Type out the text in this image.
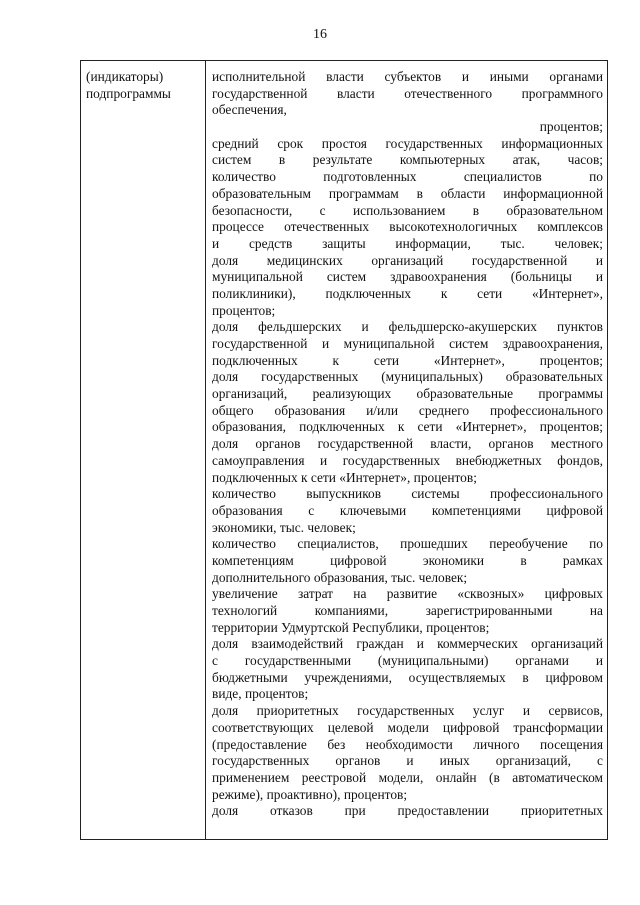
16
(индикаторы)
подпрограммы
исполнительной власти субъектов и иными органами
государственной власти отечественного программного
обеспечения,
процентов;
средний срок простоя государственных информационных
систем в результате компьютерных атак, часов;
количество подготовленных специалистов по
образовательным программам в области информационной
безопасности, с использованием в образовательном
процессе отечественных высокотехнологичных комплексов
и средств защиты информации, тыс. человек;
доля медицинских организаций государственной и
муниципальной систем здравоохранения (больницы и
поликлиники), подключенных к сети «Интернет»,
процентов;
доля фельдшерских и фельдшерско-акушерских пунктов
государственной и муниципальной систем здравоохранения,
подключенных к сети «Интернет», процентов;
доля государственных (муниципальных) образовательных
организаций, реализующих образовательные программы
общего образования и/или среднего профессионального
образования, подключенных к сети «Интернет», процентов;
доля органов государственной власти, органов местного
самоуправления и государственных внебюджетных фондов,
подключенных к сети «Интернет», процентов;
количество выпускников системы профессионального
образования с ключевыми компетенциями цифровой
экономики, тыс. человек;
количество специалистов, прошедших переобучение по
компетенциям цифровой экономики в рамках
дополнительного образования, тыс. человек;
увеличение затрат на развитие «сквозных» цифровых
технологий компаниями, зарегистрированными на
территории Удмуртской Республики, процентов;
доля взаимодействий граждан и коммерческих организаций
с государственными (муниципальными) органами и
бюджетными учреждениями, осуществляемых в цифровом
виде, процентов;
доля приоритетных государственных услуг и сервисов,
соответствующих целевой модели цифровой трансформации
(предоставление без необходимости личного посещения
государственных органов и иных организаций, с
применением реестровой модели, онлайн (в автоматическом
режиме), проактивно), процентов;
доля отказов при предоставлении приоритетных
